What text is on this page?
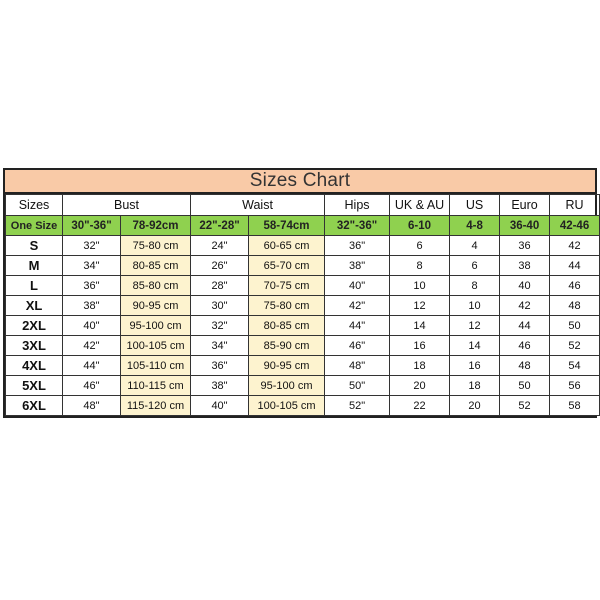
Sizes Chart
Sizes	Bust		Waist		Hips	UK & AU	US	Euro	RU
One Size	30"-36"	78-92cm	22"-28"	58-74cm	32"-36"	6-10	4-8	36-40	42-46
S	32"	75-80 cm	24"	60-65 cm	36"	6	4	36	42
M	34"	80-85 cm	26"	65-70 cm	38"	8	6	38	44
L	36"	85-80 cm	28"	70-75 cm	40"	10	8	40	46
XL	38"	90-95 cm	30"	75-80 cm	42"	12	10	42	48
2XL	40"	95-100 cm	32"	80-85 cm	44"	14	12	44	50
3XL	42"	100-105 cm	34"	85-90 cm	46"	16	14	46	52
4XL	44"	105-110 cm	36"	90-95 cm	48"	18	16	48	54
5XL	46"	110-115 cm	38"	95-100 cm	50"	20	18	50	56
6XL	48"	115-120 cm	40"	100-105 cm	52"	22	20	52	58
